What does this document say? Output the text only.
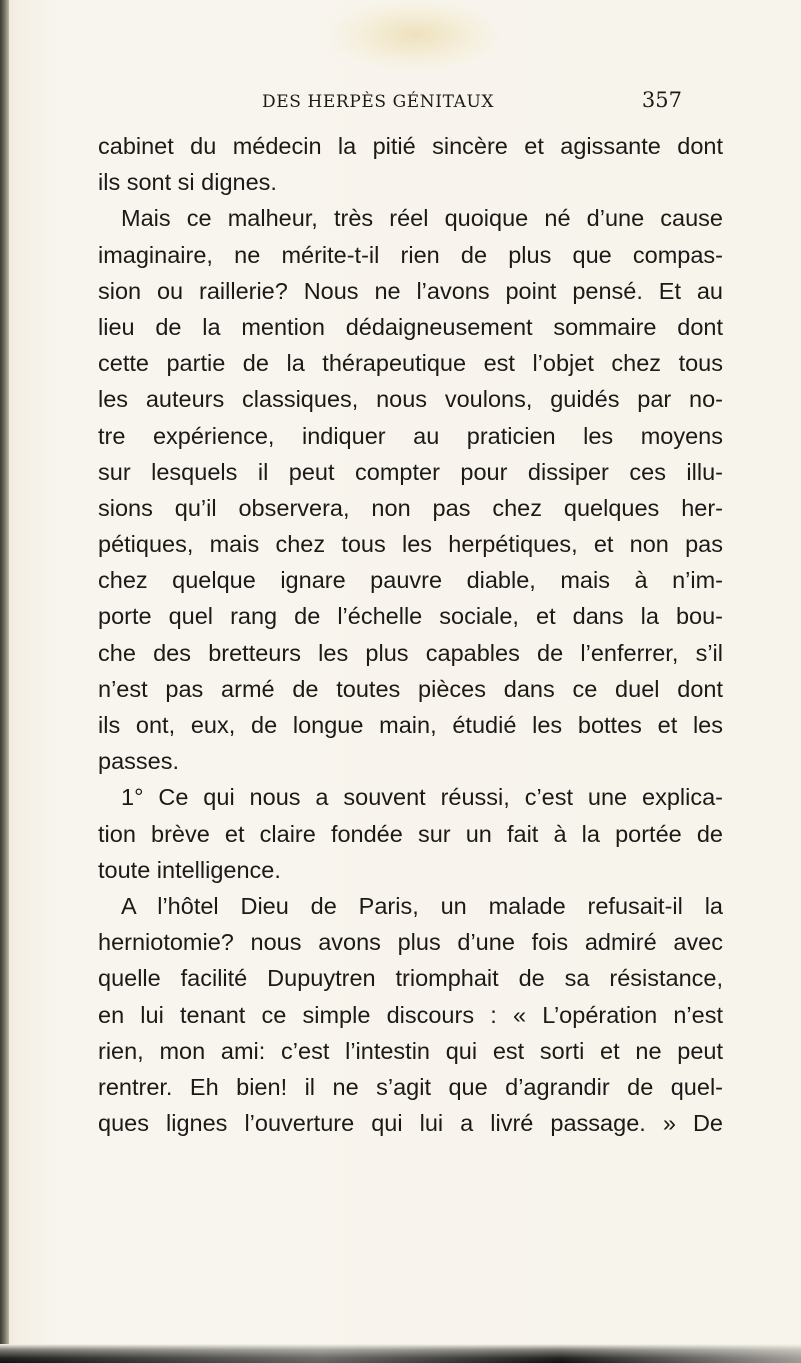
DES HERPÈS GÉNITAUX	357
cabinet du médecin la pitié sincère et agissante dont
ils sont si dignes.
Mais ce malheur, très réel quoique né d’une cause
imaginaire, ne mérite-t-il rien de plus que compas-
sion ou raillerie? Nous ne l’avons point pensé. Et au
lieu de la mention dédaigneusement sommaire dont
cette partie de la thérapeutique est l’objet chez tous
les auteurs classiques, nous voulons, guidés par no-
tre expérience, indiquer au praticien les moyens
sur lesquels il peut compter pour dissiper ces illu-
sions qu’il observera, non pas chez quelques her-
pétiques, mais chez tous les herpétiques, et non pas
chez quelque ignare pauvre diable, mais à n’im-
porte quel rang de l’échelle sociale, et dans la bou-
che des bretteurs les plus capables de l’enferrer, s’il
n’est pas armé de toutes pièces dans ce duel dont
ils ont, eux, de longue main, étudié les bottes et les
passes.
1° Ce qui nous a souvent réussi, c’est une explica-
tion brève et claire fondée sur un fait à la portée de
toute intelligence.
A l’hôtel Dieu de Paris, un malade refusait-il la
herniotomie? nous avons plus d’une fois admiré avec
quelle facilité Dupuytren triomphait de sa résistance,
en lui tenant ce simple discours : « L’opération n’est
rien, mon ami: c’est l’intestin qui est sorti et ne peut
rentrer. Eh bien! il ne s’agit que d’agrandir de quel-
ques lignes l’ouverture qui lui a livré passage. » De
